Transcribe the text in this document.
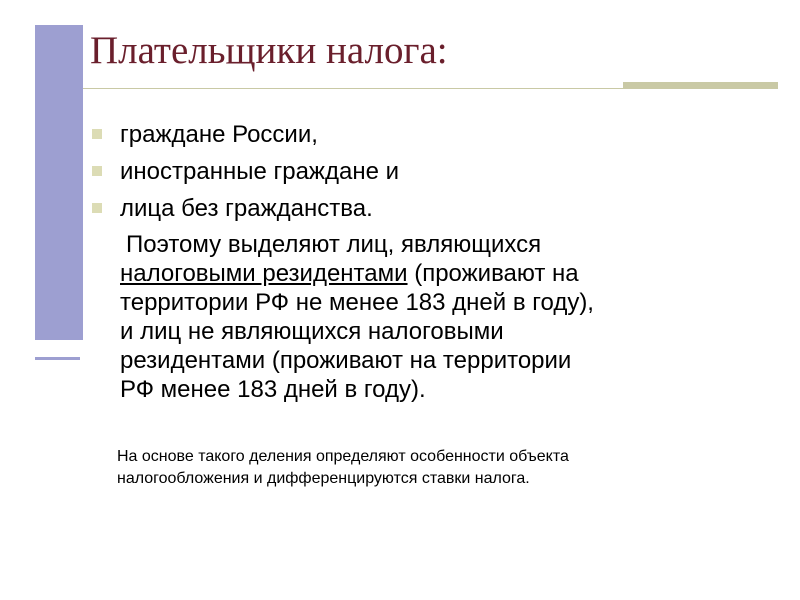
Плательщики налога:
граждане России,
иностранные граждане и
лица без гражданства.
Поэтому выделяют лиц, являющихся
налоговыми резидентами (проживают на
территории РФ не менее 183 дней в году),
и лиц не являющихся налоговыми
резидентами (проживают на территории
РФ менее 183 дней в году).
На основе такого деления определяют особенности объекта
налогообложения и дифференцируются ставки налога.
